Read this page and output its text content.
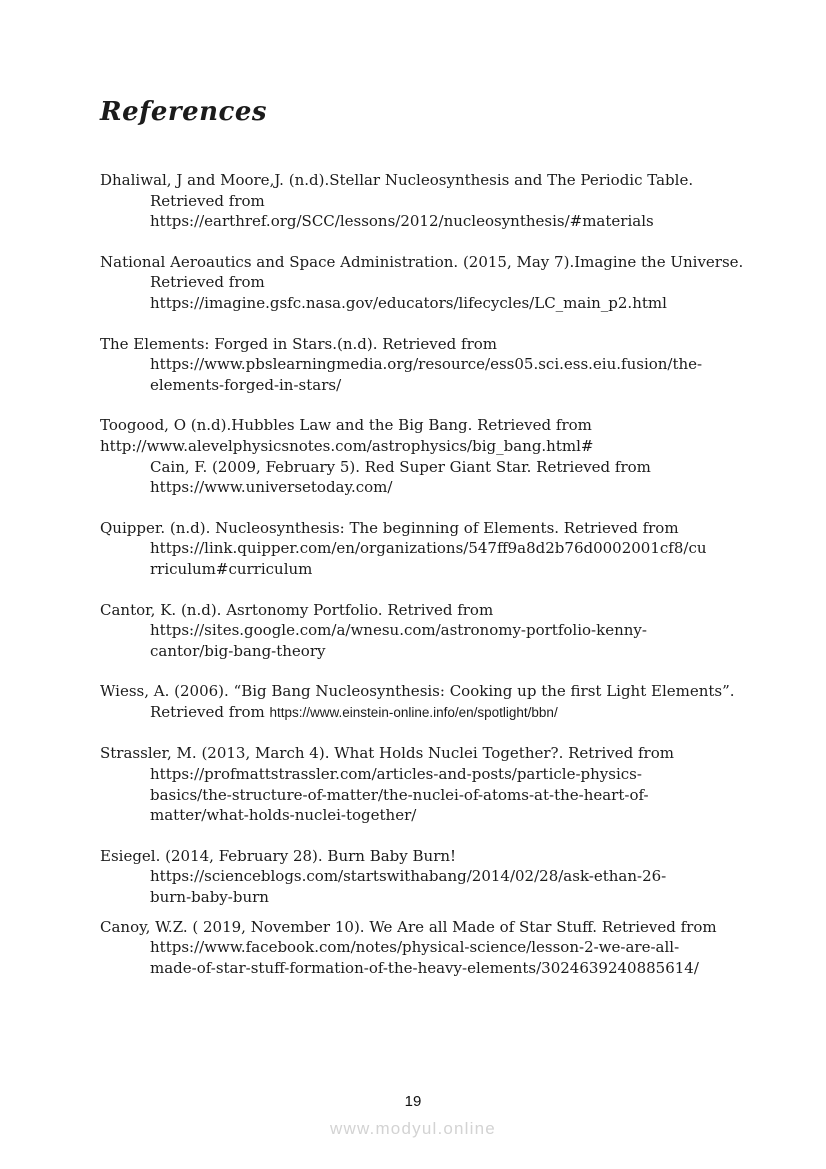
References
Dhaliwal, J and Moore,J. (n.d).Stellar Nucleosynthesis and The Periodic Table.
Retrieved from
https://earthref.org/SCC/lessons/2012/nucleosynthesis/#materials
National Aeroautics and Space Administration. (2015, May 7).Imagine the Universe.
Retrieved from
https://imagine.gsfc.nasa.gov/educators/lifecycles/LC_main_p2.html
The Elements: Forged in Stars.(n.d). Retrieved from
https://www.pbslearningmedia.org/resource/ess05.sci.ess.eiu.fusion/the-
elements-forged-in-stars/
Toogood, O (n.d).Hubbles Law and the Big Bang. Retrieved from
http://www.alevelphysicsnotes.com/astrophysics/big_bang.html#
Cain, F. (2009, February 5). Red Super Giant Star. Retrieved from
https://www.universetoday.com/
Quipper. (n.d). Nucleosynthesis: The beginning of Elements. Retrieved from
https://link.quipper.com/en/organizations/547ff9a8d2b76d0002001cf8/cu
rriculum#curriculum
Cantor, K. (n.d). Asrtonomy Portfolio. Retrived from
https://sites.google.com/a/wnesu.com/astronomy-portfolio-kenny-
cantor/big-bang-theory
Wiess, A. (2006). “Big Bang Nucleosynthesis: Cooking up the first Light Elements”.
Retrieved from https://www.einstein-online.info/en/spotlight/bbn/
Strassler, M. (2013, March 4). What Holds Nuclei Together?. Retrived from
https://profmattstrassler.com/articles-and-posts/particle-physics-
basics/the-structure-of-matter/the-nuclei-of-atoms-at-the-heart-of-
matter/what-holds-nuclei-together/
Esiegel. (2014, February 28). Burn Baby Burn!
https://scienceblogs.com/startswithabang/2014/02/28/ask-ethan-26-
burn-baby-burn
Canoy, W.Z. ( 2019, November 10). We Are all Made of Star Stuff. Retrieved from
https://www.facebook.com/notes/physical-science/lesson-2-we-are-all-
made-of-star-stuff-formation-of-the-heavy-elements/3024639240885614/
19
www.modyul.online
